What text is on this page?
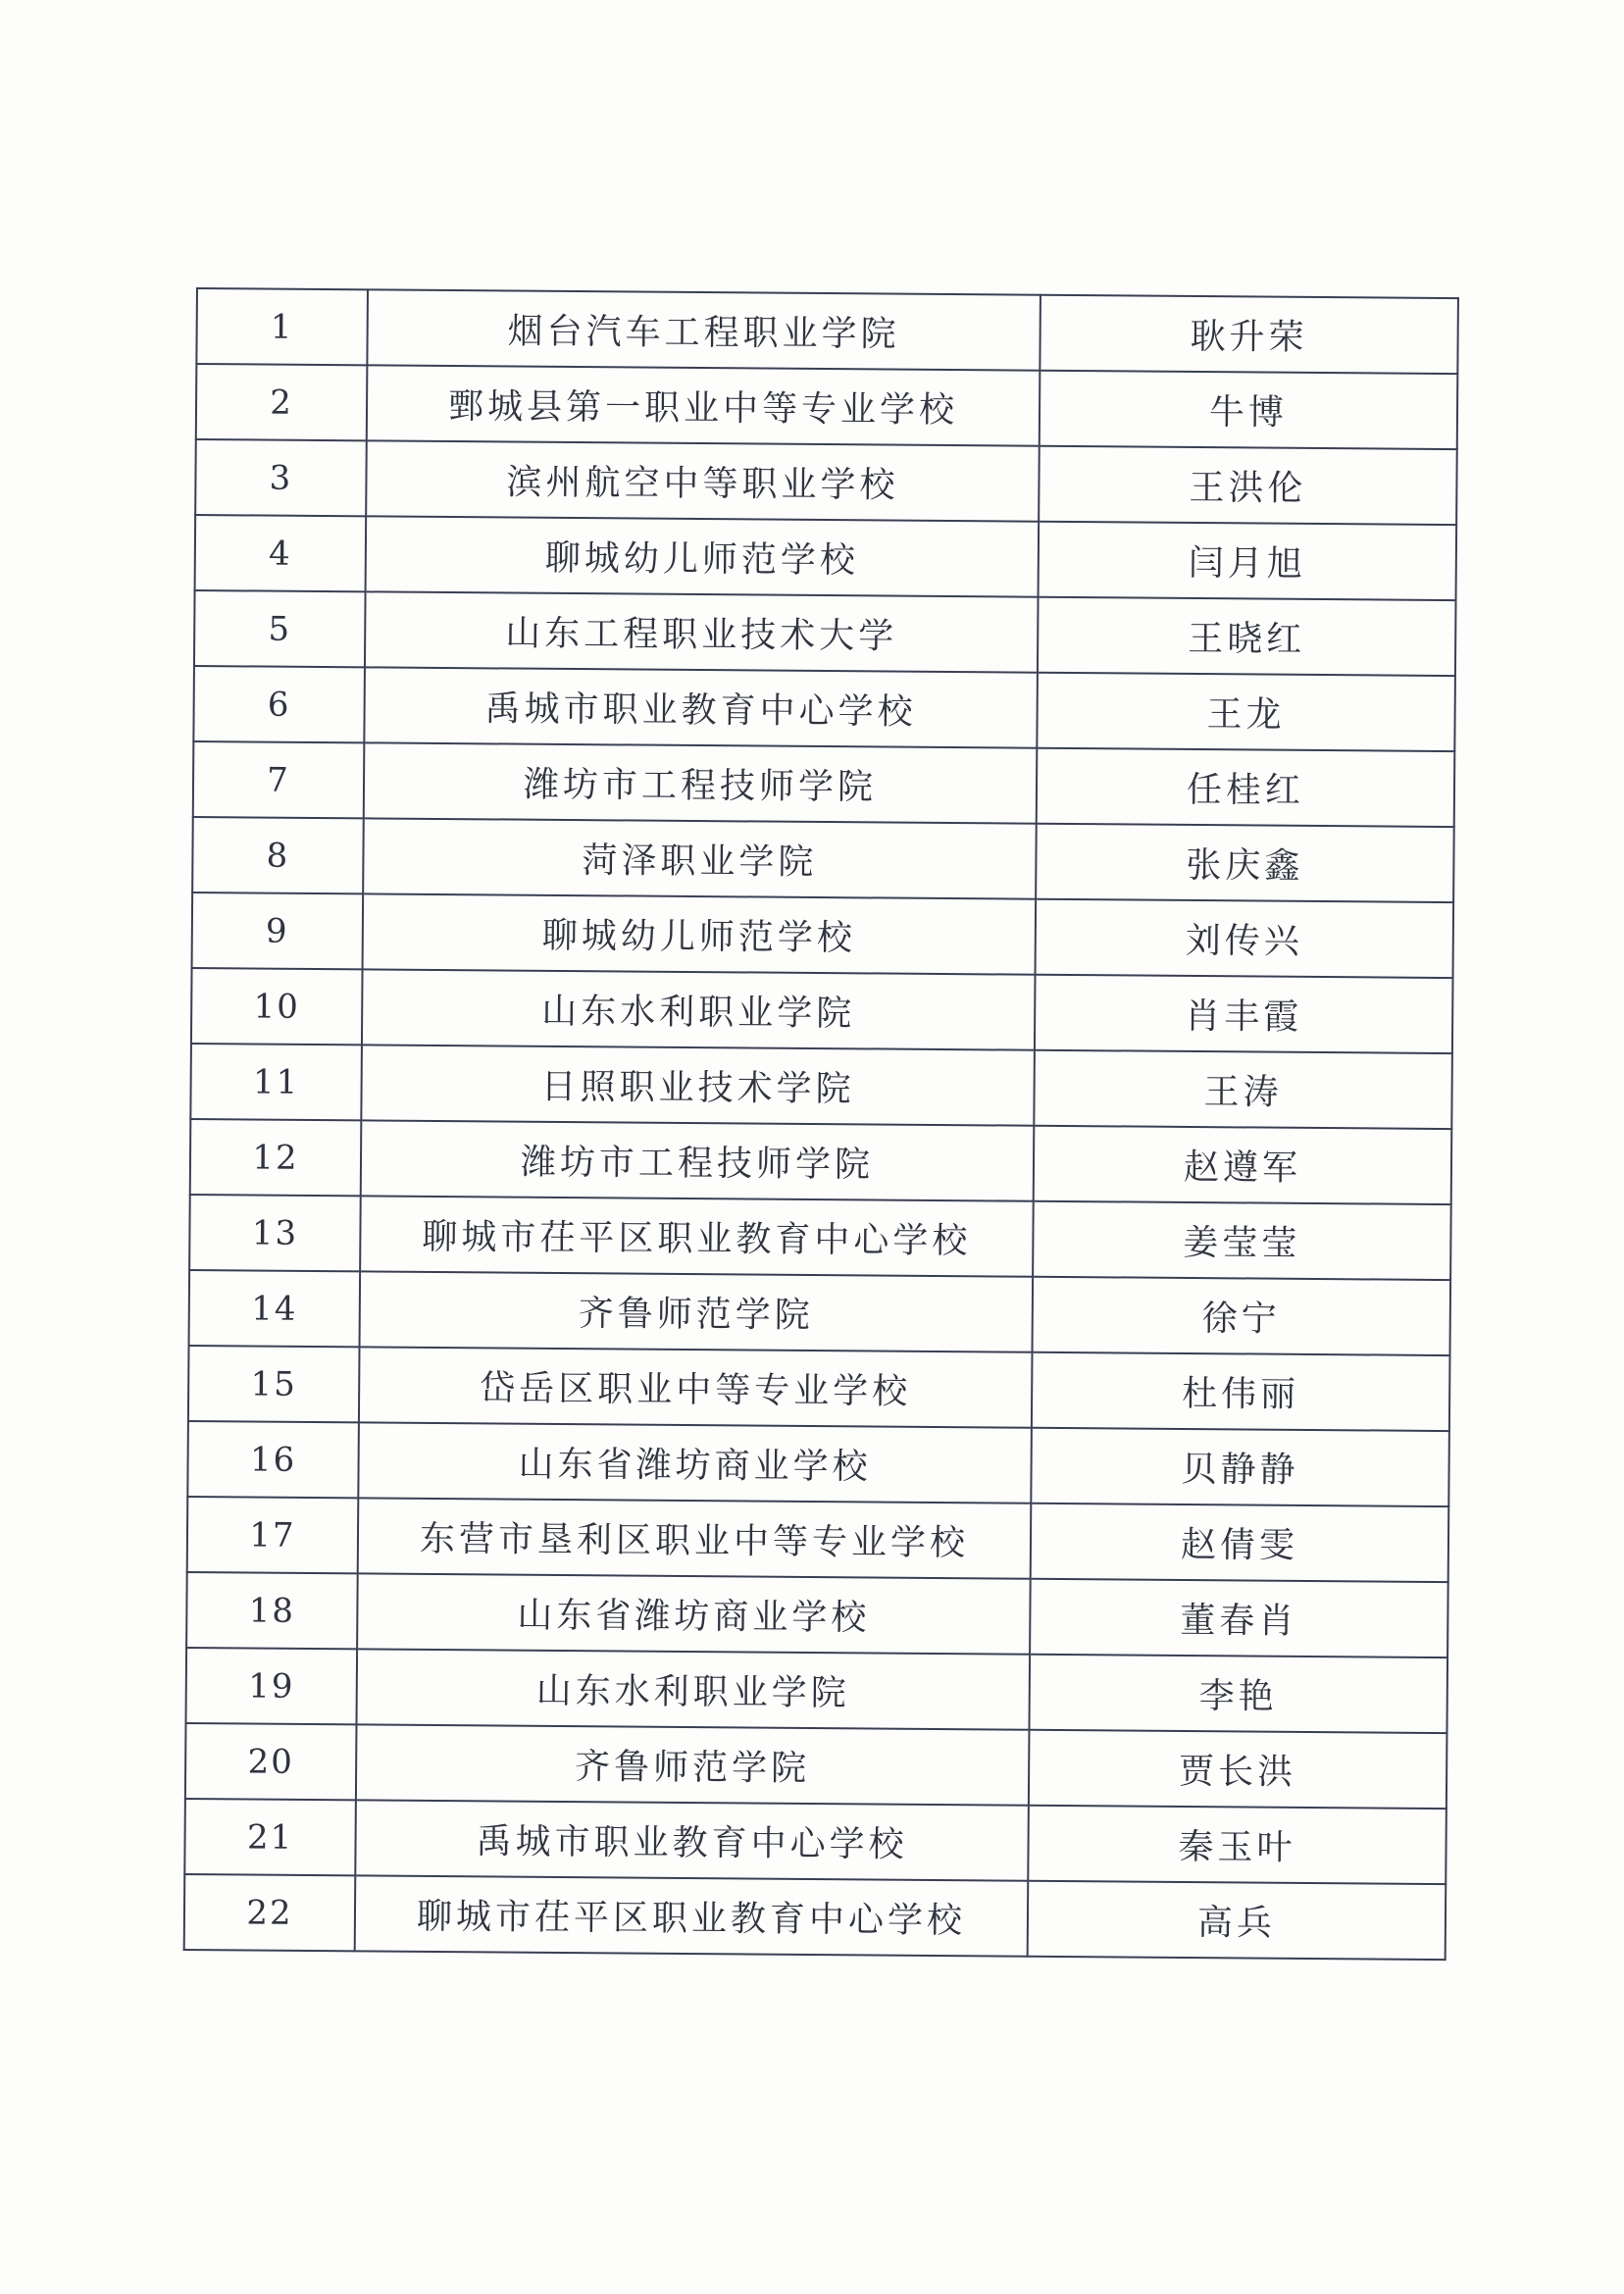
1	烟台汽车工程职业学院	耿升荣
2	鄄城县第一职业中等专业学校	牛博
3	滨州航空中等职业学校	王洪伦
4	聊城幼儿师范学校	闫月旭
5	山东工程职业技术大学	王晓红
6	禹城市职业教育中心学校	王龙
7	潍坊市工程技师学院	任桂红
8	菏泽职业学院	张庆鑫
9	聊城幼儿师范学校	刘传兴
10	山东水利职业学院	肖丰霞
11	日照职业技术学院	王涛
12	潍坊市工程技师学院	赵遵军
13	聊城市茌平区职业教育中心学校	姜莹莹
14	齐鲁师范学院	徐宁
15	岱岳区职业中等专业学校	杜伟丽
16	山东省潍坊商业学校	贝静静
17	东营市垦利区职业中等专业学校	赵倩雯
18	山东省潍坊商业学校	董春肖
19	山东水利职业学院	李艳
20	齐鲁师范学院	贾长洪
21	禹城市职业教育中心学校	秦玉叶
22	聊城市茌平区职业教育中心学校	高兵
